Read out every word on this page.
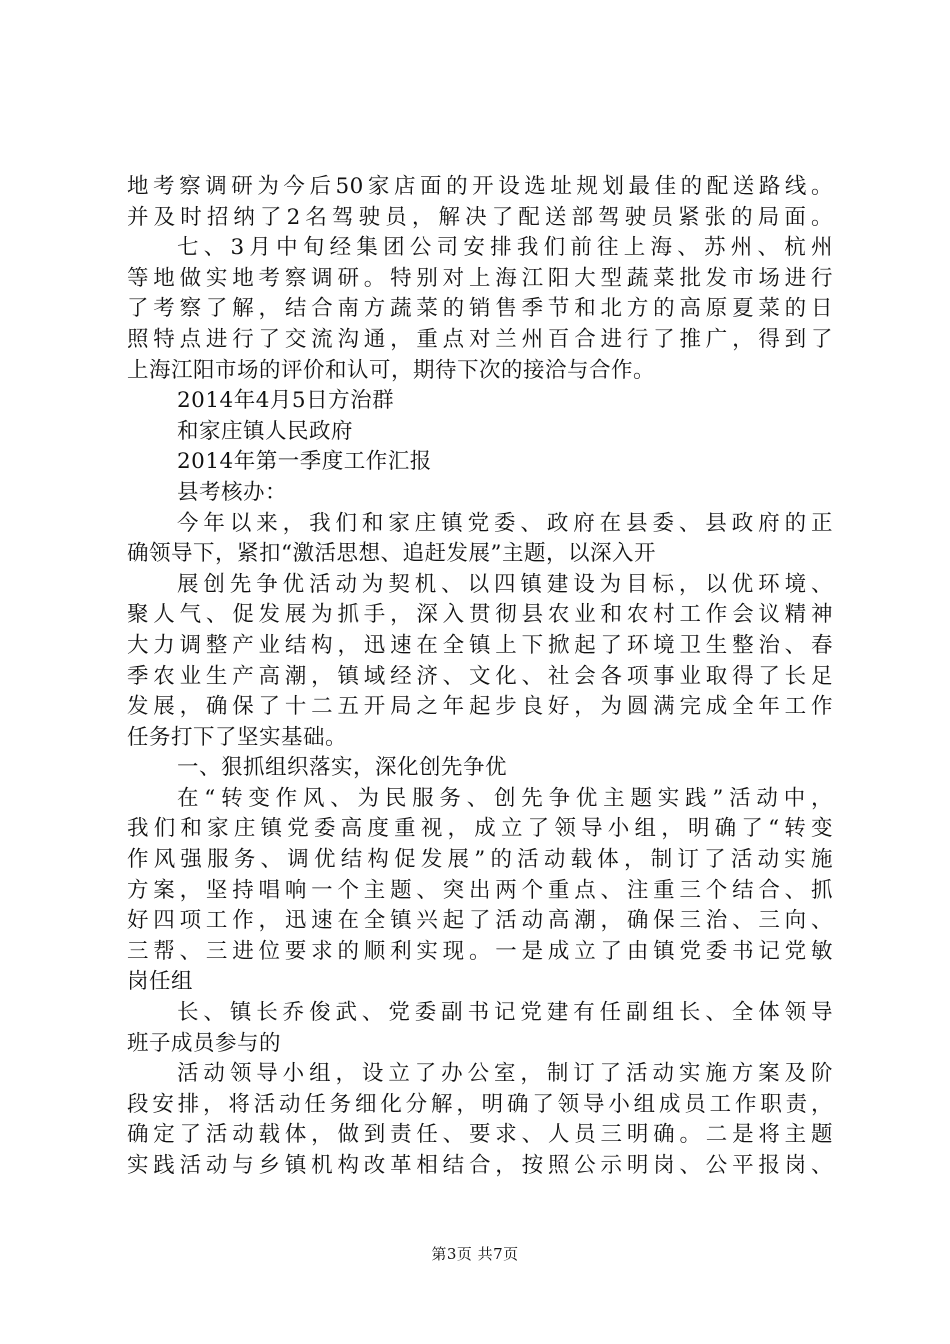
地考察调研为今后50家店面的开设选址规划最佳的配送路线。
并及时招纳了2名驾驶员，解决了配送部驾驶员紧张的局面。
七、3月中旬经集团公司安排我们前往上海、苏州、杭州
等地做实地考察调研。特别对上海江阳大型蔬菜批发市场进行
了考察了解，结合南方蔬菜的销售季节和北方的高原夏菜的日
照特点进行了交流沟通，重点对兰州百合进行了推广，得到了
上海江阳市场的评价和认可，期待下次的接洽与合作。
2014年4月5日方治群
和家庄镇人民政府
2014年第一季度工作汇报
县考核办：
今年以来，我们和家庄镇党委、政府在县委、县政府的正
确领导下，紧扣“激活思想、追赶发展”主题，以深入开
展创先争优活动为契机、以四镇建设为目标，以优环境、
聚人气、促发展为抓手，深入贯彻县农业和农村工作会议精神
大力调整产业结构，迅速在全镇上下掀起了环境卫生整治、春
季农业生产高潮，镇域经济、文化、社会各项事业取得了长足
发展，确保了十二五开局之年起步良好，为圆满完成全年工作
任务打下了坚实基础。
一、狠抓组织落实，深化创先争优
在“转变作风、为民服务、创先争优主题实践”活动中，
我们和家庄镇党委高度重视，成立了领导小组，明确了“转变
作风强服务、调优结构促发展”的活动载体，制订了活动实施
方案，坚持唱响一个主题、突出两个重点、注重三个结合、抓
好四项工作，迅速在全镇兴起了活动高潮，确保三治、三向、
三帮、三进位要求的顺利实现。一是成立了由镇党委书记党敏
岗任组
长、镇长乔俊武、党委副书记党建有任副组长、全体领导
班子成员参与的
活动领导小组，设立了办公室，制订了活动实施方案及阶
段安排，将活动任务细化分解，明确了领导小组成员工作职责，
确定了活动载体，做到责任、要求、人员三明确。二是将主题
实践活动与乡镇机构改革相结合，按照公示明岗、公平报岗、
第3页 共7页
